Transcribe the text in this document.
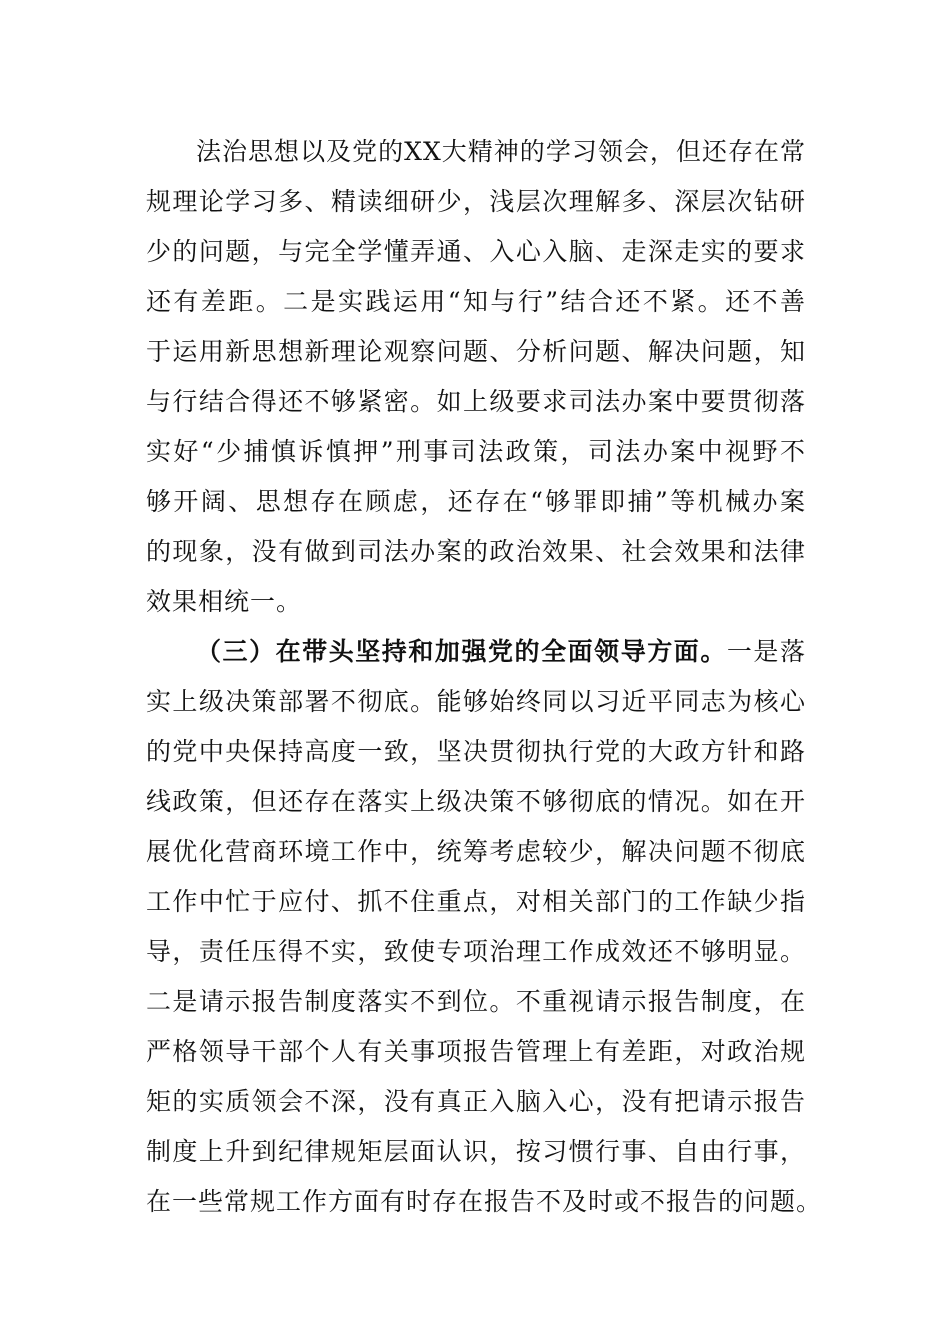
法治思想以及党的XX大精神的学习领会，但还存在常
规理论学习多、精读细研少，浅层次理解多、深层次钻研
少的问题，与完全学懂弄通、入心入脑、走深走实的要求
还有差距。二是实践运用“知与行”结合还不紧。还不善
于运用新思想新理论观察问题、分析问题、解决问题，知
与行结合得还不够紧密。如上级要求司法办案中要贯彻落
实好“少捕慎诉慎押”刑事司法政策，司法办案中视野不
够开阔、思想存在顾虑，还存在“够罪即捕”等机械办案
的现象，没有做到司法办案的政治效果、社会效果和法律
效果相统一。
（三）在带头坚持和加强党的全面领导方面。一是落
实上级决策部署不彻底。能够始终同以习近平同志为核心
的党中央保持高度一致，坚决贯彻执行党的大政方针和路
线政策，但还存在落实上级决策不够彻底的情况。如在开
展优化营商环境工作中，统筹考虑较少，解决问题不彻底
工作中忙于应付、抓不住重点，对相关部门的工作缺少指
导，责任压得不实，致使专项治理工作成效还不够明显。
二是请示报告制度落实不到位。不重视请示报告制度，在
严格领导干部个人有关事项报告管理上有差距，对政治规
矩的实质领会不深，没有真正入脑入心，没有把请示报告
制度上升到纪律规矩层面认识，按习惯行事、自由行事，
在一些常规工作方面有时存在报告不及时或不报告的问题。
